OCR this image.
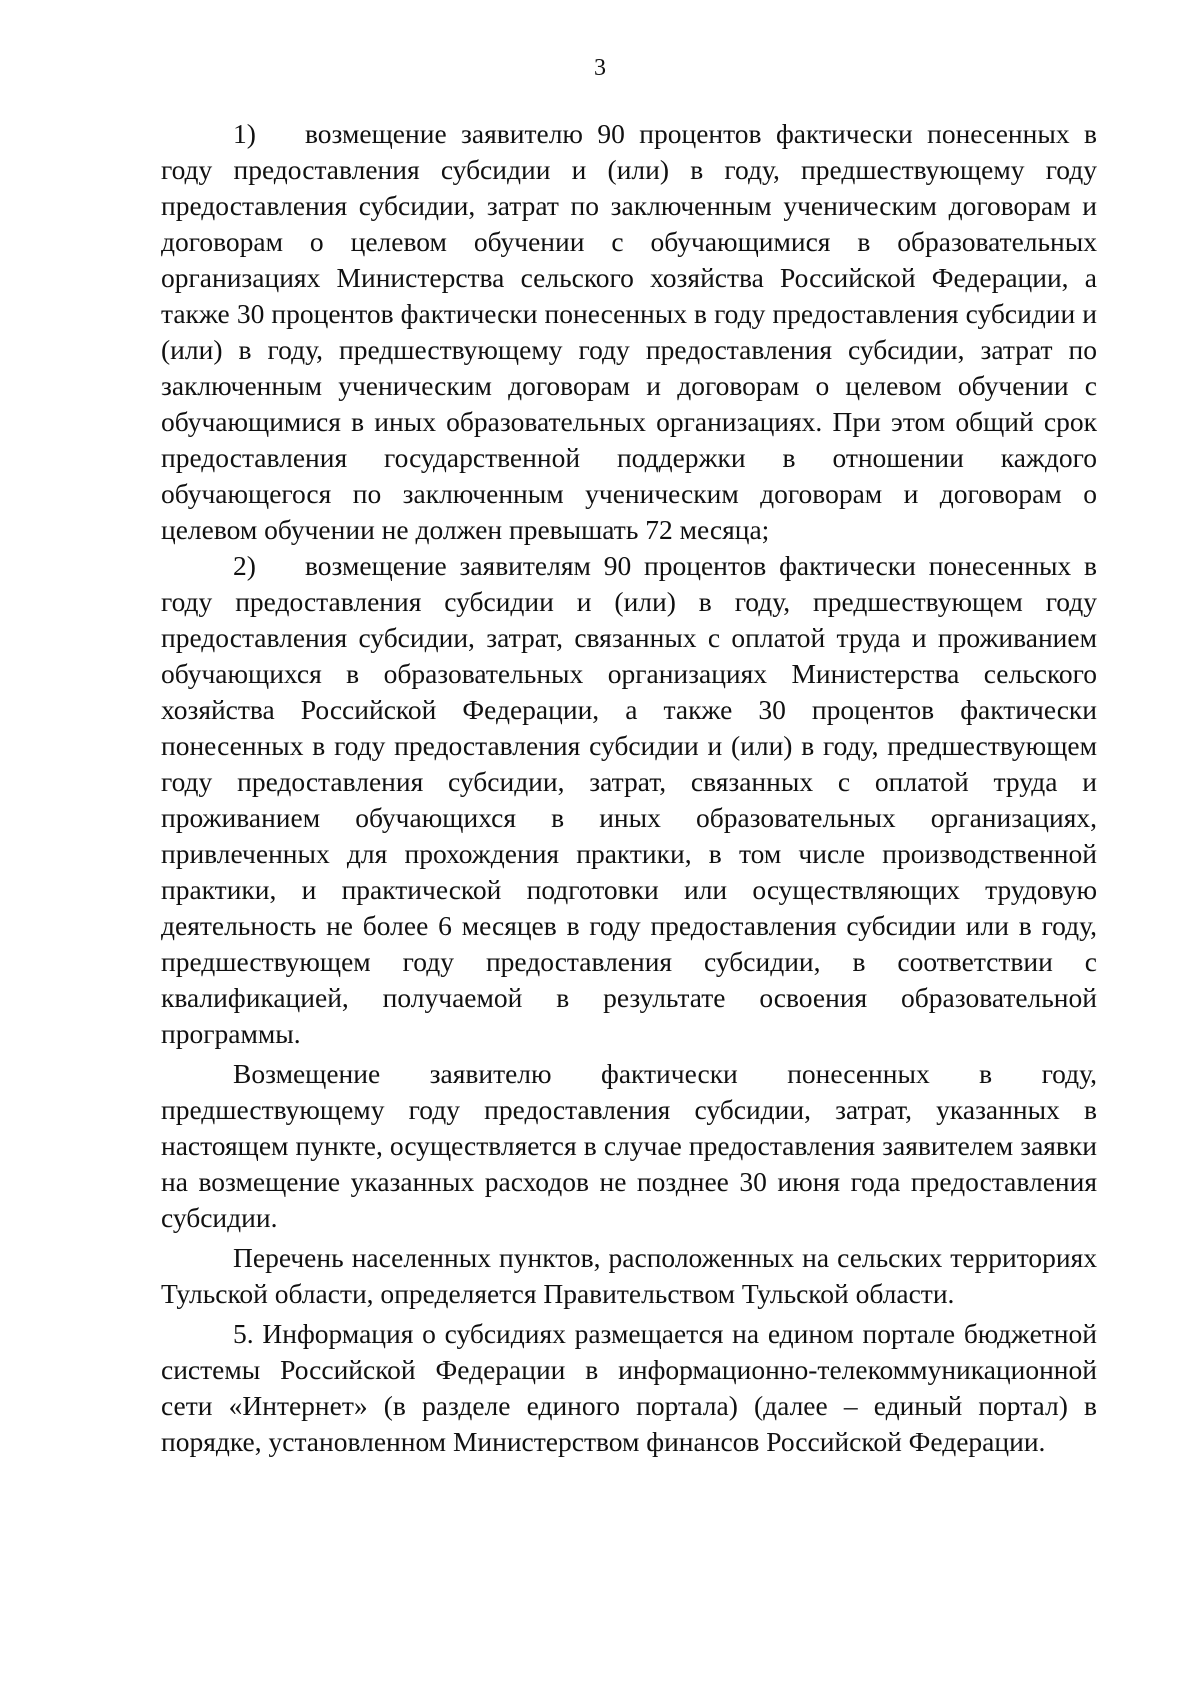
3

1) возмещение заявителю 90 процентов фактически понесенных в году предоставления субсидии и (или) в году, предшествующему году предоставления субсидии, затрат по заключенным ученическим договорам и договорам о целевом обучении с обучающимися в образовательных организациях Министерства сельского хозяйства Российской Федерации, а также 30 процентов фактически понесенных в году предоставления субсидии и (или) в году, предшествующему году предоставления субсидии, затрат по заключенным ученическим договорам и договорам о целевом обучении с обучающимися в иных образовательных организациях. При этом общий срок предоставления государственной поддержки в отношении каждого обучающегося по заключенным ученическим договорам и договорам о целевом обучении не должен превышать 72 месяца;

2) возмещение заявителям 90 процентов фактически понесенных в году предоставления субсидии и (или) в году, предшествующем году предоставления субсидии, затрат, связанных с оплатой труда и проживанием обучающихся в образовательных организациях Министерства сельского хозяйства Российской Федерации, а также 30 процентов фактически понесенных в году предоставления субсидии и (или) в году, предшествующем году предоставления субсидии, затрат, связанных с оплатой труда и проживанием обучающихся в иных образовательных организациях, привлеченных для прохождения практики, в том числе производственной практики, и практической подготовки или осуществляющих трудовую деятельность не более 6 месяцев в году предоставления субсидии или в году, предшествующем году предоставления субсидии, в соответствии с квалификацией, получаемой в результате освоения образовательной программы.

Возмещение заявителю фактически понесенных в году, предшествующему году предоставления субсидии, затрат, указанных в настоящем пункте, осуществляется в случае предоставления заявителем заявки на возмещение указанных расходов не позднее 30 июня года предоставления субсидии.

Перечень населенных пунктов, расположенных на сельских территориях Тульской области, определяется Правительством Тульской области.

5. Информация о субсидиях размещается на едином портале бюджетной системы Российской Федерации в информационно-телекоммуникационной сети «Интернет» (в разделе единого портала) (далее – единый портал) в порядке, установленном Министерством финансов Российской Федерации.
